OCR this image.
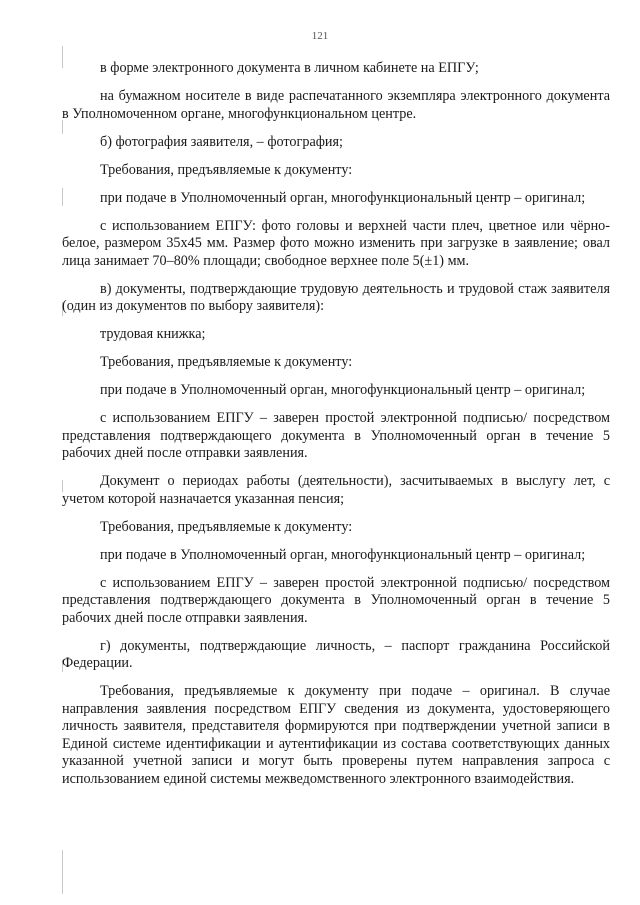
121

в форме электронного документа в личном кабинете на ЕПГУ;

на бумажном носителе в виде распечатанного экземпляра электронного документа в Уполномоченном органе, многофункциональном центре.

б) фотография заявителя, – фотография;

Требования, предъявляемые к документу:

при подаче в Уполномоченный орган, многофункциональный центр – оригинал;

с использованием ЕПГУ: фото головы и верхней части плеч, цветное или чёрно-белое, размером 35x45 мм. Размер фото можно изменить при загрузке в заявление; овал лица занимает 70–80% площади; свободное верхнее поле 5(±1) мм.

в) документы, подтверждающие трудовую деятельность и трудовой стаж заявителя (один из документов по выбору заявителя):

трудовая книжка;

Требования, предъявляемые к документу:

при подаче в Уполномоченный орган, многофункциональный центр – оригинал;

с использованием ЕПГУ – заверен простой электронной подписью/ посредством представления подтверждающего документа в Уполномоченный орган в течение 5 рабочих дней после отправки заявления.

Документ о периодах работы (деятельности), засчитываемых в выслугу лет, с учетом которой назначается указанная пенсия;

Требования, предъявляемые к документу:

при подаче в Уполномоченный орган, многофункциональный центр – оригинал;

с использованием ЕПГУ – заверен простой электронной подписью/ посредством представления подтверждающего документа в Уполномоченный орган в течение 5 рабочих дней после отправки заявления.

г) документы, подтверждающие личность, – паспорт гражданина Российской Федерации.

Требования, предъявляемые к документу при подаче – оригинал. В случае направления заявления посредством ЕПГУ сведения из документа, удостоверяющего личность заявителя, представителя формируются при подтверждении учетной записи в Единой системе идентификации и аутентификации из состава соответствующих данных указанной учетной записи и могут быть проверены путем направления запроса с использованием единой системы межведомственного электронного взаимодействия.
